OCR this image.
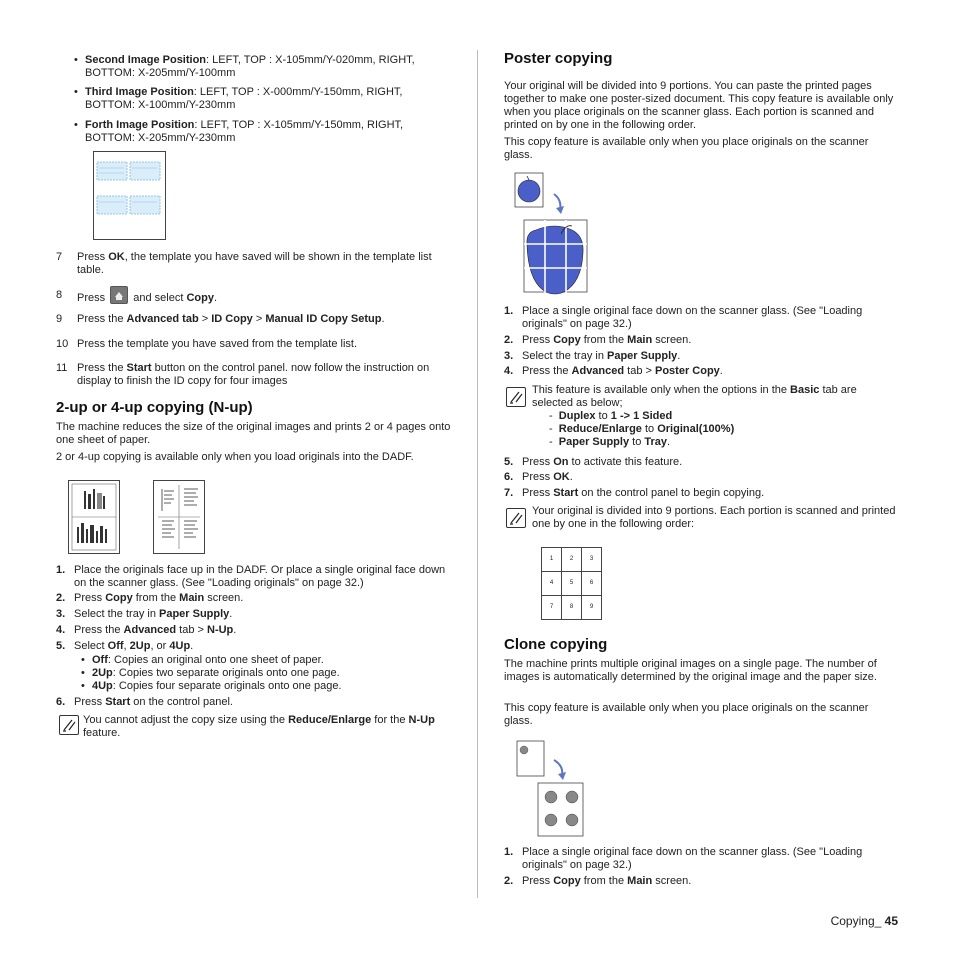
• Second Image Position: LEFT, TOP : X-105mm/Y-020mm, RIGHT, BOTTOM: X-205mm/Y-100mm
• Third Image Position: LEFT, TOP : X-000mm/Y-150mm, RIGHT, BOTTOM: X-100mm/Y-230mm
• Forth Image Position: LEFT, TOP : X-105mm/Y-150mm, RIGHT, BOTTOM: X-205mm/Y-230mm
7 Press OK, the template you have saved will be shown in the template list table.
8 Press  and select Copy.
9 Press the Advanced tab > ID Copy > Manual ID Copy Setup.
10 Press the template you have saved from the template list.
11 Press the Start button on the control panel. now follow the instruction on display to finish the ID copy for four images
2-up or 4-up copying (N-up)
The machine reduces the size of the original images and prints 2 or 4 pages onto one sheet of paper.
2 or 4-up copying is available only when you load originals into the DADF.
1. Place the originals face up in the DADF. Or place a single original face down on the scanner glass. (See "Loading originals" on page 32.)
2. Press Copy from the Main screen.
3. Select the tray in Paper Supply.
4. Press the Advanced tab > N-Up.
5. Select Off, 2Up, or 4Up.
• Off: Copies an original onto one sheet of paper.
• 2Up: Copies two separate originals onto one page.
• 4Up: Copies four separate originals onto one page.
6. Press Start on the control panel.
You cannot adjust the copy size using the Reduce/Enlarge for the N-Up feature.
Poster copying
Your original will be divided into 9 portions. You can paste the printed pages together to make one poster-sized document. This copy feature is available only when you place originals on the scanner glass. Each portion is scanned and printed on by one in the following order.
This copy feature is available only when you place originals on the scanner glass.
1. Place a single original face down on the scanner glass. (See "Loading originals" on page 32.)
2. Press Copy from the Main screen.
3. Select the tray in Paper Supply.
4. Press the Advanced tab > Poster Copy.
This feature is available only when the options in the Basic tab are selected as below;
-  Duplex to 1 -> 1 Sided
-  Reduce/Enlarge to Original(100%)
-  Paper Supply to Tray.
5. Press On to activate this feature.
6. Press OK.
7. Press Start on the control panel to begin copying.
Your original is divided into 9 portions. Each portion is scanned and printed one by one in the following order:
1	2	3
4	5	6
7	8	9
Clone copying
The machine prints multiple original images on a single page. The number of images is automatically determined by the original image and the paper size.
This copy feature is available only when you place originals on the scanner glass.
1. Place a single original face down on the scanner glass. (See "Loading originals" on page 32.)
2. Press Copy from the Main screen.
Copying_ 45
